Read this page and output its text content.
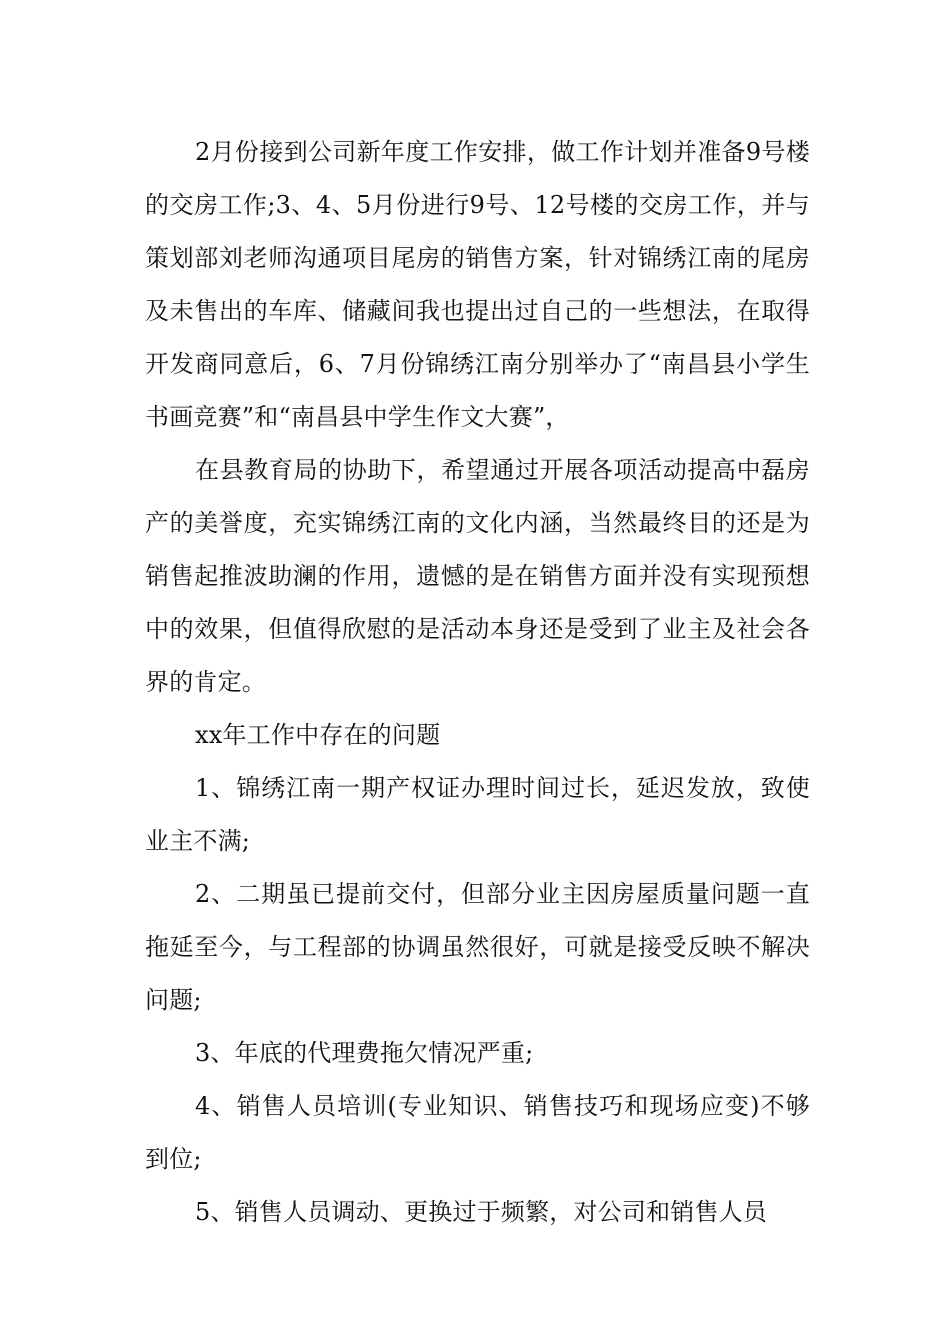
2月份接到公司新年度工作安排，做工作计划并准备9号楼的交房工作;3、4、5月份进行9号、12号楼的交房工作，并与策划部刘老师沟通项目尾房的销售方案，针对锦绣江南的尾房及未售出的车库、储藏间我也提出过自己的一些想法，在取得开发商同意后，6、7月份锦绣江南分别举办了“南昌县小学生书画竞赛”和“南昌县中学生作文大赛”，

在县教育局的协助下，希望通过开展各项活动提高中磊房产的美誉度，充实锦绣江南的文化内涵，当然最终目的还是为销售起推波助澜的作用，遗憾的是在销售方面并没有实现预想中的效果，但值得欣慰的是活动本身还是受到了业主及社会各界的肯定。

xx年工作中存在的问题

1、锦绣江南一期产权证办理时间过长，延迟发放，致使业主不满;

2、二期虽已提前交付，但部分业主因房屋质量问题一直拖延至今，与工程部的协调虽然很好，可就是接受反映不解决问题;

3、年底的代理费拖欠情况严重;

4、销售人员培训(专业知识、销售技巧和现场应变)不够到位;

5、销售人员调动、更换过于频繁，对公司和销售人员
